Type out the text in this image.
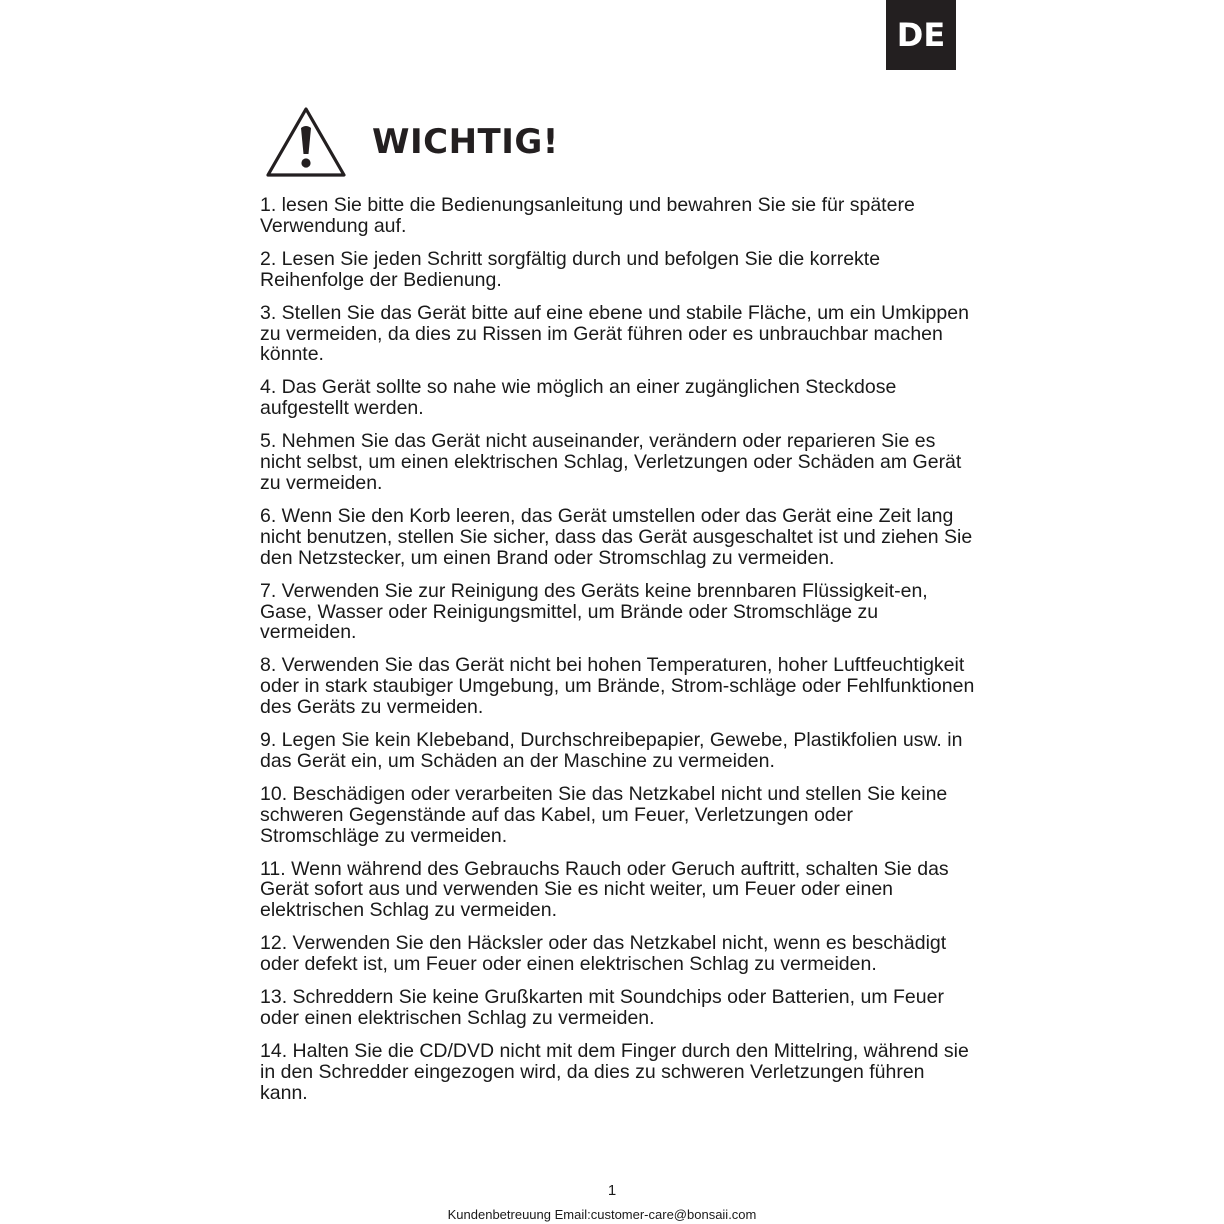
DE
WICHTIG!
1. lesen Sie bitte die Bedienungsanleitung und bewahren Sie sie für spätere Verwendung auf.
2. Lesen Sie jeden Schritt sorgfältig durch und befolgen Sie die korrekte Reihenfolge der Bedienung.
3. Stellen Sie das Gerät bitte auf eine ebene und stabile Fläche, um ein Umkippen zu vermeiden, da dies zu Rissen im Gerät führen oder es unbrauchbar machen könnte.
4. Das Gerät sollte so nahe wie möglich an einer zugänglichen Steckdose aufgestellt werden.
5. Nehmen Sie das Gerät nicht auseinander, verändern oder reparieren Sie es nicht selbst, um einen elektrischen Schlag, Verletzungen oder Schäden am Gerät zu vermeiden.
6. Wenn Sie den Korb leeren, das Gerät umstellen oder das Gerät eine Zeit lang nicht benutzen, stellen Sie sicher, dass das Gerät ausgeschaltet ist und ziehen Sie den Netzstecker, um einen Brand oder Stromschlag zu vermeiden.
7. Verwenden Sie zur Reinigung des Geräts keine brennbaren Flüssigkeit-en, Gase, Wasser oder Reinigungsmittel, um Brände oder Stromschläge zu vermeiden.
8. Verwenden Sie das Gerät nicht bei hohen Temperaturen, hoher Luftfeuchtigkeit oder in stark staubiger Umgebung, um Brände, Strom-schläge oder Fehlfunktionen des Geräts zu vermeiden.
9. Legen Sie kein Klebeband, Durchschreibepapier, Gewebe, Plastikfolien usw. in das Gerät ein, um Schäden an der Maschine zu vermeiden.
10. Beschädigen oder verarbeiten Sie das Netzkabel nicht und stellen Sie keine schweren Gegenstände auf das Kabel, um Feuer, Verletzungen oder Stromschläge zu vermeiden.
11. Wenn während des Gebrauchs Rauch oder Geruch auftritt, schalten Sie das Gerät sofort aus und verwenden Sie es nicht weiter, um Feuer oder einen elektrischen Schlag zu vermeiden.
12. Verwenden Sie den Häcksler oder das Netzkabel nicht, wenn es beschädigt oder defekt ist, um Feuer oder einen elektrischen Schlag zu vermeiden.
13. Schreddern Sie keine Grußkarten mit Soundchips oder Batterien, um Feuer oder einen elektrischen Schlag zu vermeiden.
14. Halten Sie die CD/DVD nicht mit dem Finger durch den Mittelring, während sie in den Schredder eingezogen wird, da dies zu schweren Verletzungen führen kann.
1
Kundenbetreuung Email:customer-care@bonsaii.com
